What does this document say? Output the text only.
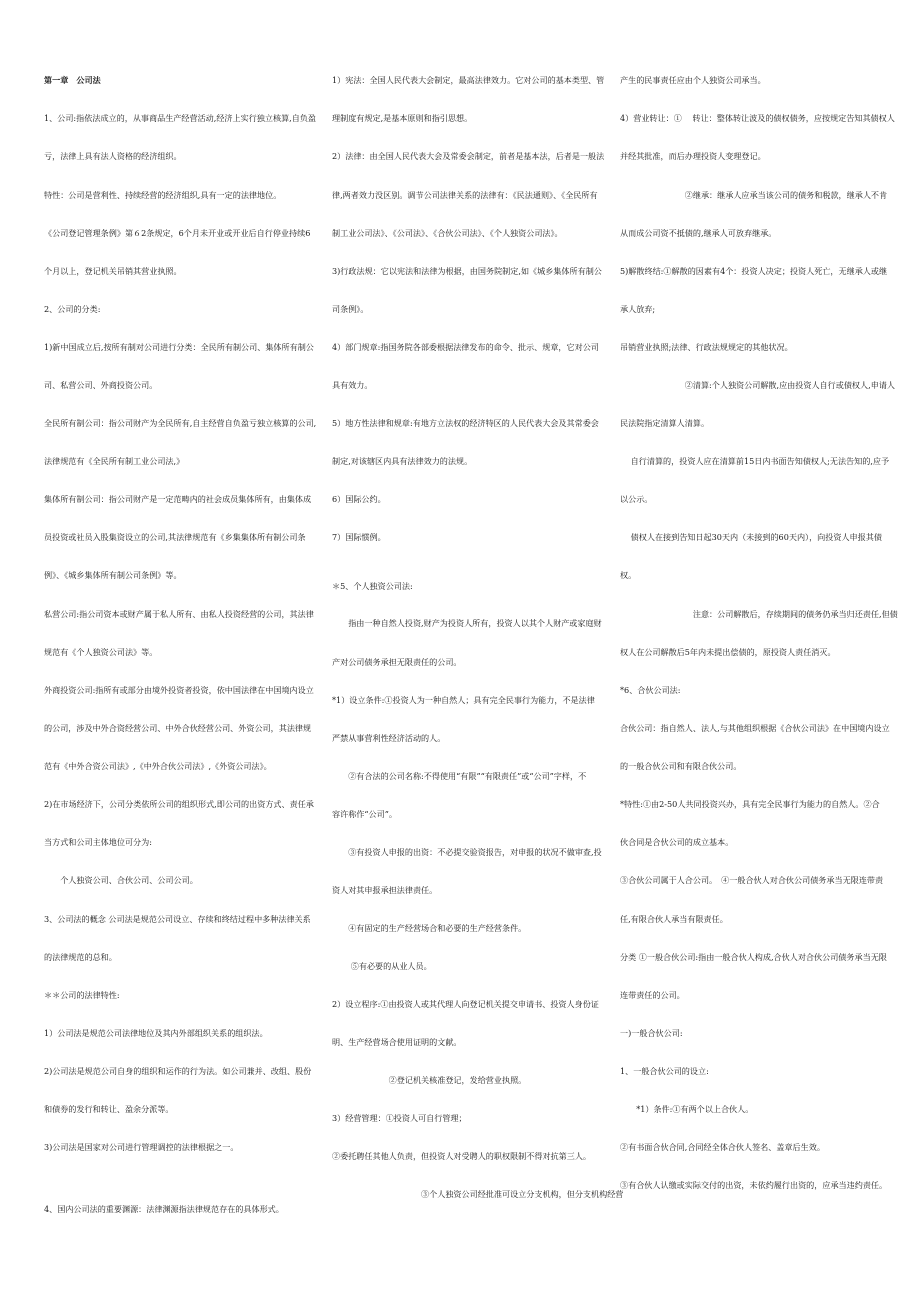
第一章　公司法
1、公司:指依法成立的，从事商品生产经营活动,经济上实行独立核算,自负盈
亏，法律上具有法人资格的经济组织。
特性：公司是营利性、持续经营的经济组织,具有一定的法律地位。
《公司登记管理条例》第６2条规定，6个月未开业或开业后自行停业持续6
个月以上，登记机关吊销其营业执照。
2、公司的分类:
1)新中国成立后,按所有制对公司进行分类：全民所有制公司、集体所有制公
司、私营公司、外商投资公司。
全民所有制公司：指公司财产为全民所有,自主经营自负盈亏独立核算的公司,
法律规范有《全民所有制工业公司法,》
集体所有制公司：指公司财产是一定范畴内的社会成员集体所有，由集体成
员投资或社员入股集资设立的公司,其法律规范有《乡集集体所有制公司条
例》、《城乡集体所有制公司条例》等。
私营公司:指公司资本或财产属于私人所有、由私人投资经营的公司，其法律
规范有《个人独资公司法》等。
外商投资公司:指所有或部分由境外投资者投资，依中国法律在中国境内设立
的公司，涉及中外合资经营公司、中外合伙经营公司、外资公司，其法律规
范有《中外合资公司法》,《中外合伙公司法》,《外资公司法》。
2)在市场经济下，公司分类依所公司的组织形式,即公司的出资方式、责任承
当方式和公司主体地位可分为:
　　个人独资公司、合伙公司、公司公司。
3、公司法的概念 公司法是规范公司设立、存续和终结过程中多种法律关系
的法律规范的总和。
＊＊公司的法律特性:
1）公司法是规范公司法律地位及其内外部组织关系的组织法。
2)公司法是规范公司自身的组织和运作的行为法。如公司兼并、改组、股份
和债券的发行和转让、盈余分派等。
3)公司法是国家对公司进行管理调控的法律根据之一。
4、国内公司法的重要渊源：法律渊源指法律规范存在的具体形式。
1）宪法：全国人民代表大会制定，最高法律效力。它对公司的基本类型、管
理制度有规定,是基本原则和指引思想。
2）法律：由全国人民代表大会及常委会制定，前者是基本法，后者是一般法
律,两者效力没区别。调节公司法律关系的法律有：《民法通则》、《全民所有
制工业公司法》、《公司法》、《合伙公司法》、《个人独资公司法》。
3)行政法规：它以宪法和法律为根据，由国务院制定,如《城乡集体所有制公
司条例》。
4）部门规章:指国务院各部委根据法律发布的命令、批示、规章，它对公司
具有效力。
5）地方性法律和规章:有地方立法权的经济特区的人民代表大会及其常委会
制定,对该辖区内具有法律效力的法规。
6）国际公约。
7）国际惯例。
＊5、个人独资公司法:
　　指由一种自然人投资,财产为投资人所有，投资人以其个人财产或家庭财
产对公司债务承担无限责任的公司。
*1）设立条件:①投资人为一种自然人；具有完全民事行为能力，不是法律
严禁从事营利性经济活动的人。
　　②有合法的公司名称:不得使用“有限”“有限责任”或“公司”字样，不
容许称作“公司”。
　　③有投资人申报的出资：不必提交验资报告，对申报的状况不做审查,投
资人对其申报承担法律责任。
　　④有固定的生产经营场合和必要的生产经营条件。
　　 ⑤有必要的从业人员。
2）设立程序:①由投资人或其代理人向登记机关提交申请书、投资人身份证
明、生产经营场合使用证明的文献。
　　　　　　　②登记机关核准登记，发给营业执照。
3）经营管理：①投资人可自行管理；
②委托聘任其他人负责，但投资人对受聘人的职权限制不得对抗第三人。
　　　　　　　　　　　③个人独资公司经批准可设立分支机构，但分支机构经营
产生的民事责任应由个人独资公司承当。
4）营业转让：①　 转让：整体转让波及的债权债务，应按规定告知其债权人
并经其批准，而后办理投资人变理登记。
　　　　　　　　②继承：继承人应承当该公司的债务和税款，继承人不肯
从而成公司资不抵债的,继承人可放弃继承。
5)解散终结:①解散的因素有4个：投资人决定；投资人死亡，无继承人或继
承人放弃;
吊销营业执照;法律、行政法规规定的其他状况。
　　　　　　　　②清算:个人独资公司解散,应由投资人自行或债权人,申请人
民法院指定清算人清算。
　 自行清算的，投资人应在清算前15日内书面告知债权人;无法告知的,应予
以公示。
　 债权人在接到告知日起30天内（未接到的60天内），向投资人申报其债
权。
　　　　　　　　　注意：公司解散后，存续期间的债务仍承当归还责任,但债
权人在公司解散后5年内未提出偿债的，原投资人责任消灭。
*6、合伙公司法:
合伙公司：指自然人、法人,与其他组织根据《合伙公司法》在中国境内设立
的一般合伙公司和有限合伙公司。
*特性:①由2-50人共同投资兴办，具有完全民事行为能力的自然人。②合
伙合同是合伙公司的成立基本。
③合伙公司属于人合公司。　④一般合伙人对合伙公司债务承当无限连带责
任,有限合伙人承当有限责任。
分类 ①一般合伙公司:指由一般合伙人构成,合伙人对合伙公司债务承当无限
连带责任的公司。
一)一般合伙公司:
1、一般合伙公司的设立:
　　*1）条件:①有两个以上合伙人。
②有书面合伙合同,合同经全体合伙人签名、盖章后生效。
③有合伙人认缴或实际交付的出资，未依约履行出资的，应承当违约责任。
